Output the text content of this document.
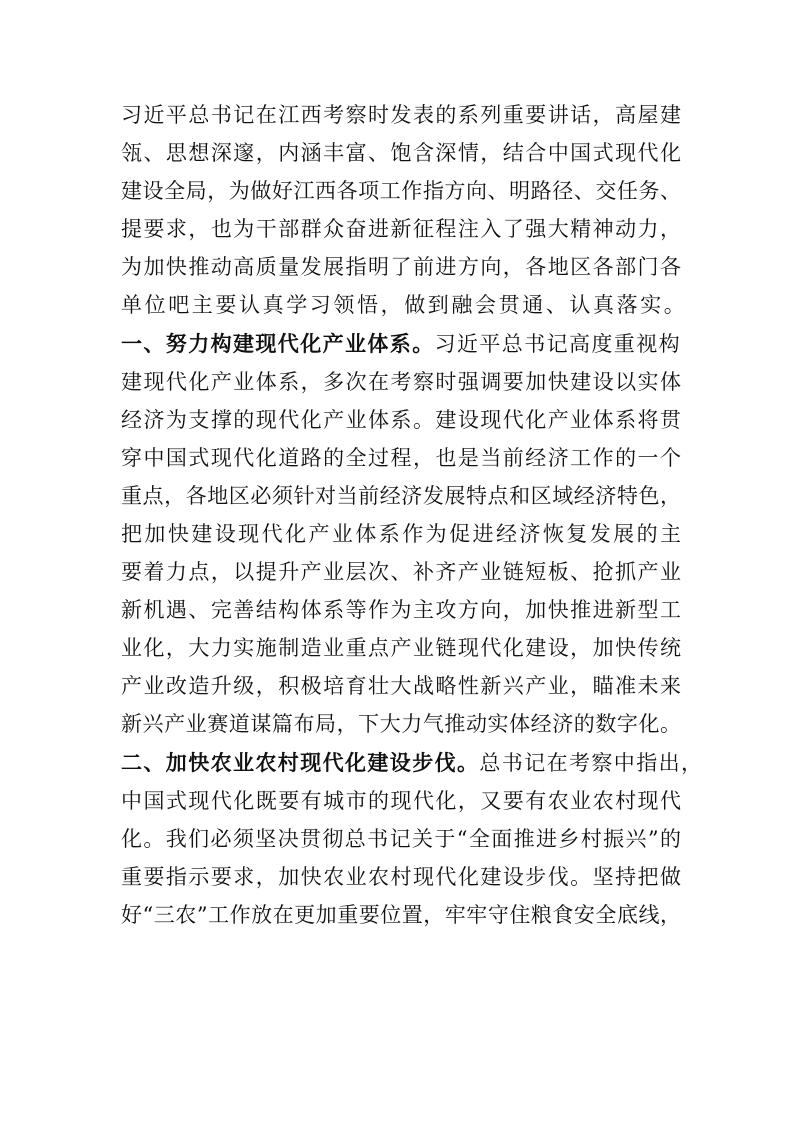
习近平总书记在江西考察时发表的系列重要讲话，高屋建
瓴、思想深邃，内涵丰富、饱含深情，结合中国式现代化
建设全局，为做好江西各项工作指方向、明路径、交任务、
提要求，也为干部群众奋进新征程注入了强大精神动力，
为加快推动高质量发展指明了前进方向，各地区各部门各
单位吧主要认真学习领悟，做到融会贯通、认真落实。
一、努力构建现代化产业体系。习近平总书记高度重视构
建现代化产业体系，多次在考察时强调要加快建设以实体
经济为支撑的现代化产业体系。建设现代化产业体系将贯
穿中国式现代化道路的全过程，也是当前经济工作的一个
重点，各地区必须针对当前经济发展特点和区域经济特色，
把加快建设现代化产业体系作为促进经济恢复发展的主
要着力点，以提升产业层次、补齐产业链短板、抢抓产业
新机遇、完善结构体系等作为主攻方向，加快推进新型工
业化，大力实施制造业重点产业链现代化建设，加快传统
产业改造升级，积极培育壮大战略性新兴产业，瞄准未来
新兴产业赛道谋篇布局，下大力气推动实体经济的数字化。
二、加快农业农村现代化建设步伐。总书记在考察中指出，
中国式现代化既要有城市的现代化，又要有农业农村现代
化。我们必须坚决贯彻总书记关于“全面推进乡村振兴”的
重要指示要求，加快农业农村现代化建设步伐。坚持把做
好“三农”工作放在更加重要位置，牢牢守住粮食安全底线，
